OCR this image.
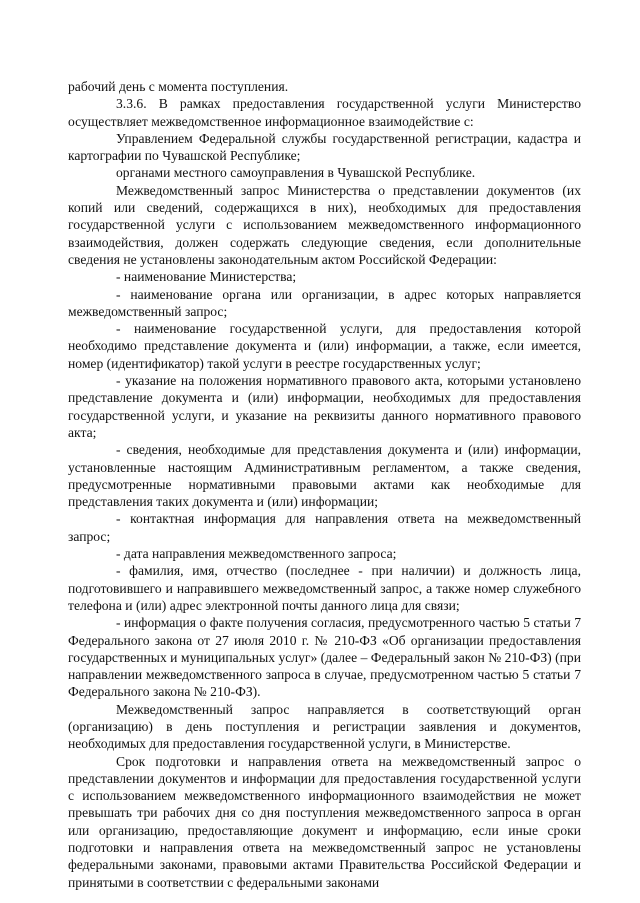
рабочий день с момента поступления.

3.3.6. В рамках предоставления государственной услуги Министерство осуществляет межведомственное информационное взаимодействие с:

Управлением Федеральной службы государственной регистрации, кадастра и картографии по Чувашской Республике;

органами местного самоуправления в Чувашской Республике.

Межведомственный запрос Министерства о представлении документов (их копий или сведений, содержащихся в них), необходимых для предоставления государственной услуги с использованием межведомственного информационного взаимодействия, должен содержать следующие сведения, если дополнительные сведения не установлены законодательным актом Российской Федерации:

- наименование Министерства;

- наименование органа или организации, в адрес которых направляется межведомственный запрос;

- наименование государственной услуги, для предоставления которой необходимо представление документа и (или) информации, а также, если имеется, номер (идентификатор) такой услуги в реестре государственных услуг;

- указание на положения нормативного правового акта, которыми установлено представление документа и (или) информации, необходимых для предоставления государственной услуги, и указание на реквизиты данного нормативного правового акта;

- сведения, необходимые для представления документа и (или) информации, установленные настоящим Административным регламентом, а также сведения, предусмотренные нормативными правовыми актами как необходимые для представления таких документа и (или) информации;

- контактная информация для направления ответа на межведомственный запрос;

- дата направления межведомственного запроса;

- фамилия, имя, отчество (последнее - при наличии) и должность лица, подготовившего и направившего межведомственный запрос, а также номер служебного телефона и (или) адрес электронной почты данного лица для связи;

- информация о факте получения согласия, предусмотренного частью 5 статьи 7 Федерального закона от 27 июля 2010 г. № 210-ФЗ «Об организации предоставления государственных и муниципальных услуг» (далее – Федеральный закон № 210-ФЗ) (при направлении межведомственного запроса в случае, предусмотренном частью 5 статьи 7 Федерального закона № 210-ФЗ).

Межведомственный запрос направляется в соответствующий орган (организацию) в день поступления и регистрации заявления и документов, необходимых для предоставления государственной услуги, в Министерстве.

Срок подготовки и направления ответа на межведомственный запрос о представлении документов и информации для предоставления государственной услуги с использованием межведомственного информационного взаимодействия не может превышать три рабочих дня со дня поступления межведомственного запроса в орган или организацию, предоставляющие документ и информацию, если иные сроки подготовки и направления ответа на межведомственный запрос не установлены федеральными законами, правовыми актами Правительства Российской Федерации и принятыми в соответствии с федеральными законами
